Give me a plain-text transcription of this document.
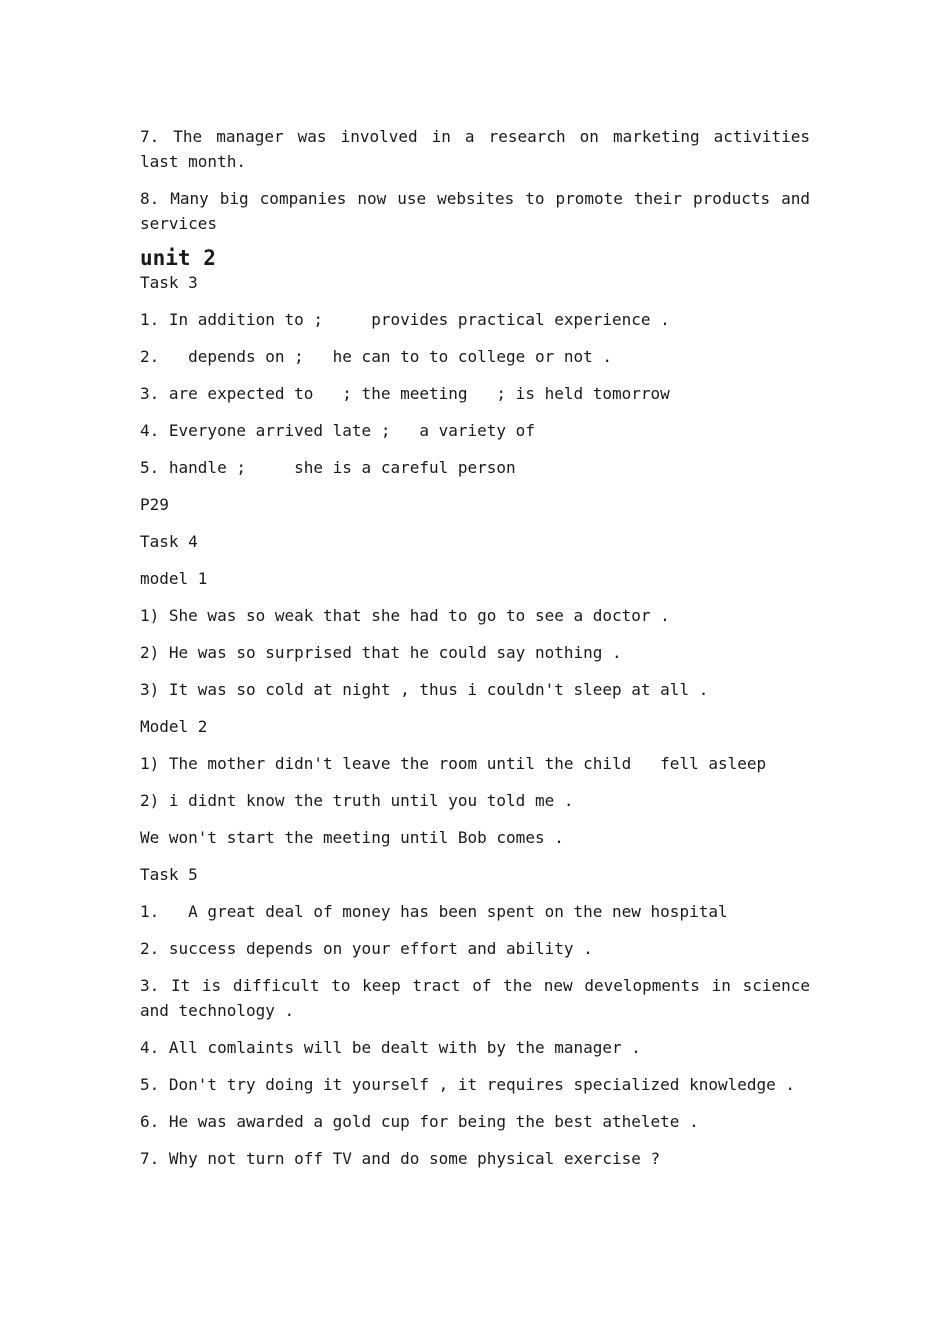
7. The manager was involved in a research on marketing activities last month.

8. Many big companies now use websites to promote their products and services

unit 2

Task 3

1. In addition to ;     provides practical experience .

2.   depends on ;   he can to to college or not .

3. are expected to   ; the meeting   ; is held tomorrow

4. Everyone arrived late ;   a variety of

5. handle ;     she is a careful person

P29

Task 4

model 1

1) She was so weak that she had to go to see a doctor .

2) He was so surprised that he could say nothing .

3) It was so cold at night , thus i couldn't sleep at all .

Model 2

1) The mother didn't leave the room until the child   fell asleep

2) i didnt know the truth until you told me .

We won't start the meeting until Bob comes .

Task 5

1.   A great deal of money has been spent on the new hospital

2. success depends on your effort and ability .

3. It is difficult to keep tract of the new developments in science and technology .

4. All comlaints will be dealt with by the manager .

5. Don't try doing it yourself , it requires specialized knowledge .

6. He was awarded a gold cup for being the best athelete .

7. Why not turn off TV and do some physical exercise ?
